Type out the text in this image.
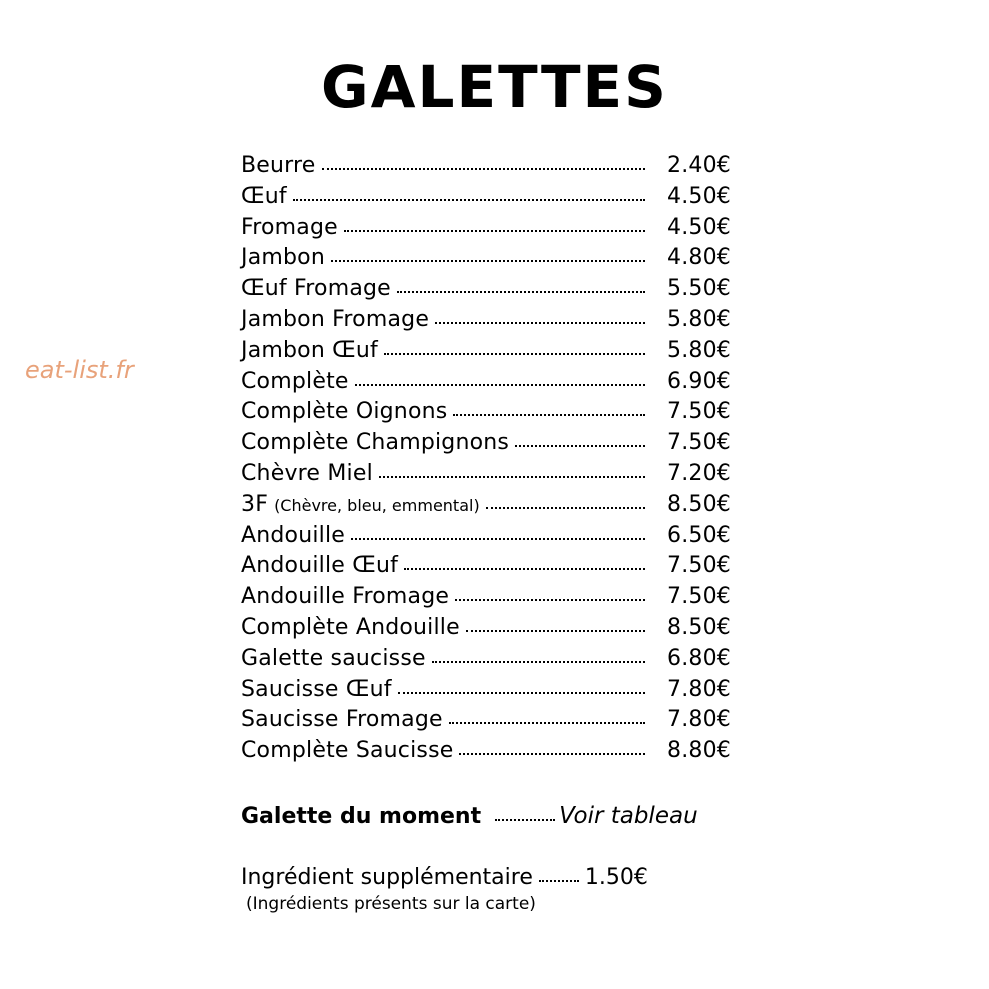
GALETTES
eat-list.fr
Beurre	2.40€
Œuf	4.50€
Fromage	4.50€
Jambon	4.80€
Œuf Fromage	5.50€
Jambon Fromage	5.80€
Jambon Œuf	5.80€
Complète	6.90€
Complète Oignons	7.50€
Complète Champignons	7.50€
Chèvre Miel	7.20€
3F (Chèvre, bleu, emmental)	8.50€
Andouille	6.50€
Andouille Œuf	7.50€
Andouille Fromage	7.50€
Complète Andouille	8.50€
Galette saucisse	6.80€
Saucisse Œuf	7.80€
Saucisse Fromage	7.80€
Complète Saucisse	8.80€
Galette du moment	Voir tableau
Ingrédient supplémentaire 1.50€
(Ingrédients présents sur la carte)
